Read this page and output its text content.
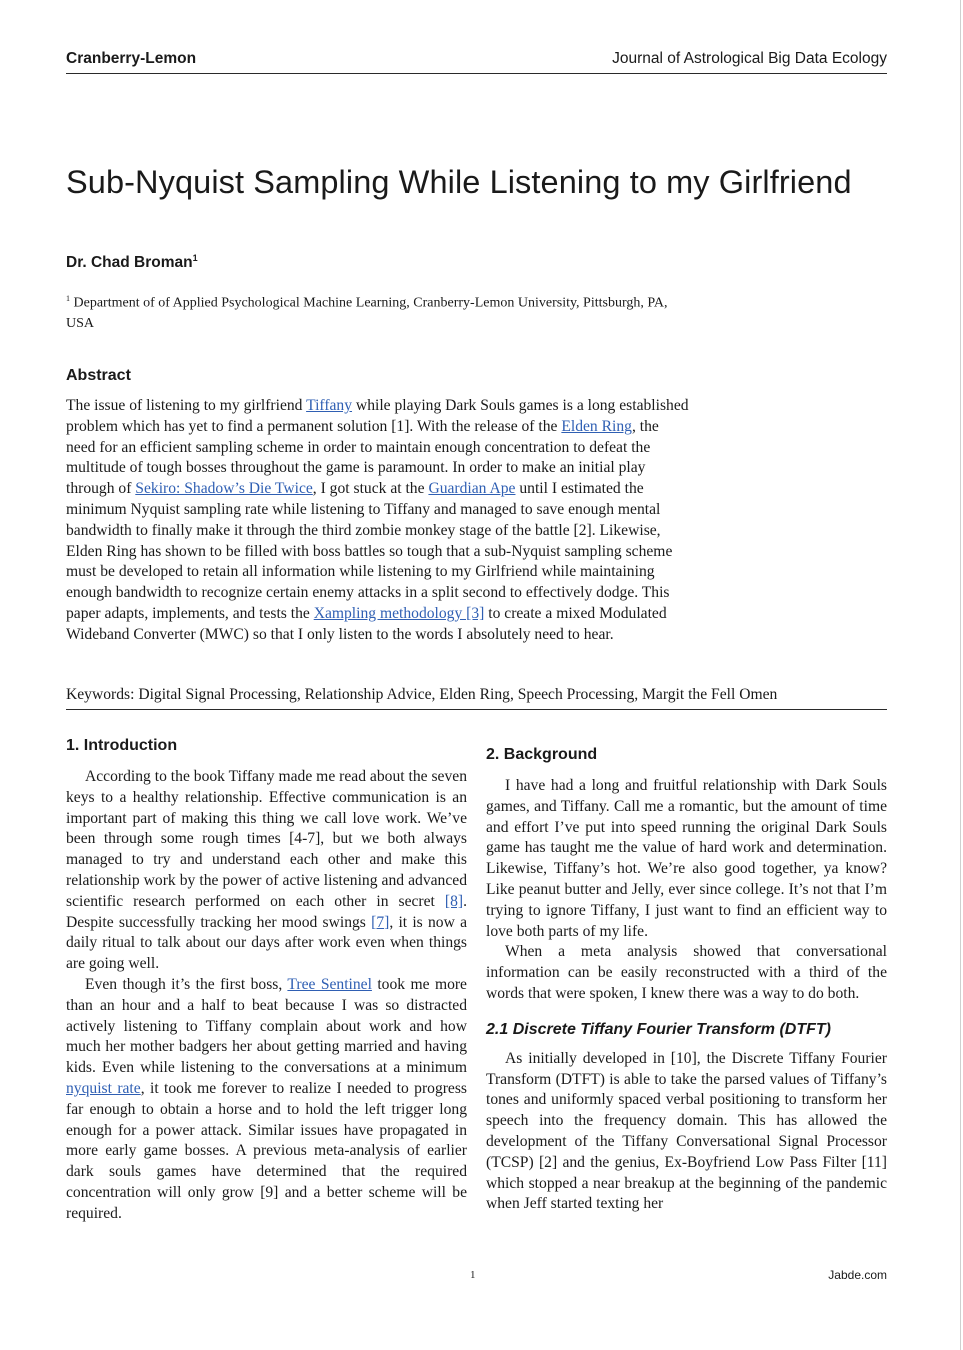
Cranberry-Lemon	Journal of Astrological Big Data Ecology
Sub-Nyquist Sampling While Listening to my Girlfriend
Dr. Chad Broman$^1$
$^1$ Department of of Applied Psychological Machine Learning, Cranberry-Lemon University, Pittsburgh, PA, USA
Abstract
The issue of listening to my girlfriend Tiffany while playing Dark Souls games is a long established problem which has yet to find a permanent solution [1]. With the release of the Elden Ring, the need for an efficient sampling scheme in order to maintain enough concentration to defeat the multitude of tough bosses throughout the game is paramount. In order to make an initial play through of Sekiro: Shadow’s Die Twice, I got stuck at the Guardian Ape until I estimated the minimum Nyquist sampling rate while listening to Tiffany and managed to save enough mental bandwidth to finally make it through the third zombie monkey stage of the battle [2]. Likewise, Elden Ring has shown to be filled with boss battles so tough that a sub-Nyquist sampling scheme must be developed to retain all information while listening to my Girlfriend while maintaining enough bandwidth to recognize certain enemy attacks in a split second to effectively dodge. This paper adapts, implements, and tests the Xampling methodology [3] to create a mixed Modulated Wideband Converter (MWC) so that I only listen to the words I absolutely need to hear.
Keywords: Digital Signal Processing, Relationship Advice, Elden Ring, Speech Processing, Margit the Fell Omen
1. Introduction

According to the book Tiffany made me read about the seven keys to a healthy relationship. Effective communication is an important part of making this thing we call love work. We’ve been through some rough times [4-7], but we both always managed to try and understand each other and make this relationship work by the power of active listening and advanced scientific research performed on each other in secret [8]. Despite successfully tracking her mood swings [7], it is now a daily ritual to talk about our days after work even when things are going well.

Even though it’s the first boss, Tree Sentinel took me more than an hour and a half to beat because I was so distracted actively listening to Tiffany complain about work and how much her mother badgers her about getting married and having kids. Even while listening to the conversations at a minimum nyquist rate, it took me forever to realize I needed to progress far enough to obtain a horse and to hold the left trigger long enough for a power attack. Similar issues have propagated in more early game bosses. A previous meta-analysis of earlier dark souls games have determined that the required concentration will only grow [9] and a better scheme will be required.

2. Background

I have had a long and fruitful relationship with Dark Souls games, and Tiffany. Call me a romantic, but the amount of time and effort I’ve put into speed running the original Dark Souls game has taught me the value of hard work and determination. Likewise, Tiffany’s hot. We’re also good together, ya know? Like peanut butter and Jelly, ever since college. It’s not that I’m trying to ignore Tiffany, I just want to find an efficient way to love both parts of my life.

When a meta analysis showed that conversational information can be easily reconstructed with a third of the words that were spoken, I knew there was a way to do both.

2.1 Discrete Tiffany Fourier Transform (DTFT)

As initially developed in [10], the Discrete Tiffany Fourier Transform (DTFT) is able to take the parsed values of Tiffany’s tones and uniformly spaced verbal positioning to transform her speech into the frequency domain. This has allowed the development of the Tiffany Conversational Signal Processor (TCSP) [2] and the genius, Ex-Boyfriend Low Pass Filter [11] which stopped a near breakup at the beginning of the pandemic when Jeff started texting her

1	Jabde.com
